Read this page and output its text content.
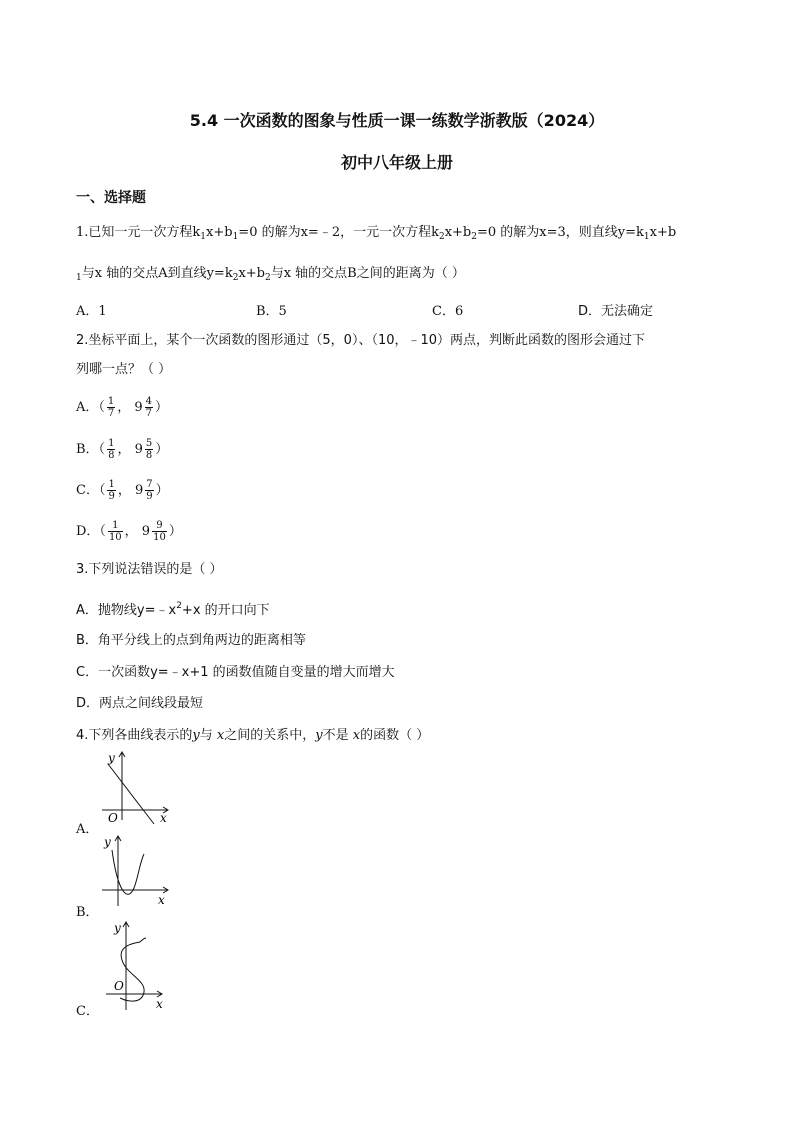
5.4 一次函数的图象与性质一课一练数学浙教版（2024）
初中八年级上册
一、选择题
1.已知一元一次方程$k_1x+b_1=0$ 的解为x=﹣2，一元一次方程$k_2x+b_2=0$ 的解为x=3，则直线$y=k_1x+b$
$_1$与x 轴的交点A到直线$y=k_2x+b_2$与x 轴的交点B之间的距离为（ ）
A．1	B．5	C．6	D．无法确定
2.坐标平面上，某个一次函数的图形通过（5，0）、（10，﹣10）两点，判断此函数的图形会通过下
列哪一点？（ ）
A．（ $\frac{1}{7}$ ， $9 \frac{4}{7}$ ）
B．（ $\frac{1}{8}$ ， $9 \frac{5}{8}$ ）
C．（ $\frac{1}{9}$ ， $9 \frac{7}{9}$ ）
D．（ $\frac{1}{10}$ ， $9 \frac{9}{10}$ ）
3.下列说法错误的是（ ）
A．抛物线$y=﹣x^2+x$ 的开口向下
B．角平分线上的点到角两边的距离相等
C．一次函数y=﹣x+1 的函数值随自变量的增大而增大
D．两点之间线段最短
4.下列各曲线表示的y与 x之间的关系中，y不是 x的函数（ ）
y
x
O
A．
y
x
B．
y
x
O
C．
